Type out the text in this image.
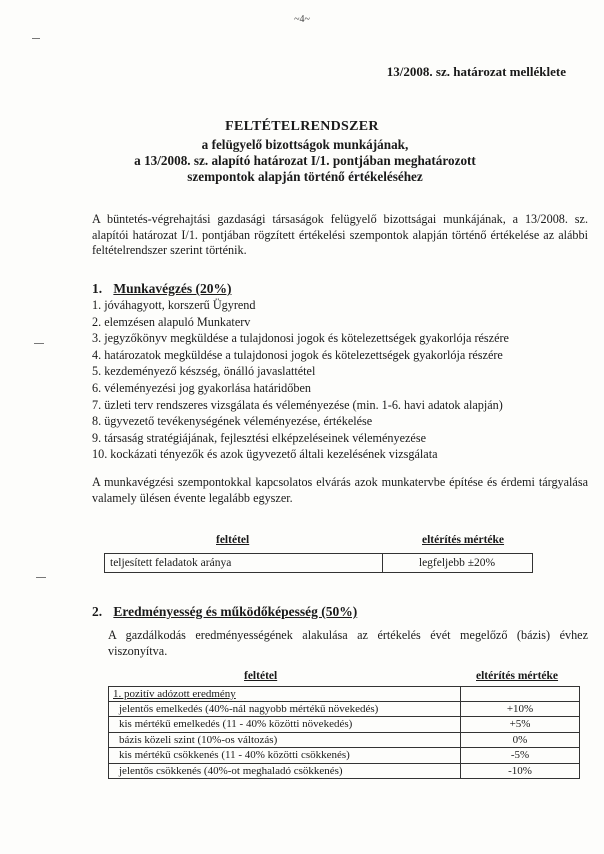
~4~
13/2008. sz. határozat melléklete
FELTÉTELRENDSZER
a felügyelő bizottságok munkájának,
a 13/2008. sz. alapító határozat I/1. pontjában meghatározott
szempontok alapján történő értékeléséhez
A büntetés-végrehajtási gazdasági társaságok felügyelő bizottságai munkájának, a 13/2008. sz. alapítói határozat I/1. pontjában rögzített értékelési szempontok alapján történő értékelése az alábbi feltételrendszer szerint történik.
1. Munkavégzés (20%)
1. jóváhagyott, korszerű Ügyrend
2. elemzésen alapuló Munkaterv
3. jegyzőkönyv megküldése a tulajdonosi jogok és kötelezettségek gyakorlója részére
4. határozatok megküldése a tulajdonosi jogok és kötelezettségek gyakorlója részére
5. kezdeményező készség, önálló javaslattétel
6. véleményezési jog gyakorlása határidőben
7. üzleti terv rendszeres vizsgálata és véleményezése (min. 1-6. havi adatok alapján)
8. ügyvezető tevékenységének véleményezése, értékelése
9. társaság stratégiájának, fejlesztési elképzeléseinek véleményezése
10. kockázati tényezők és azok ügyvezető általi kezelésének vizsgálata
A munkavégzési szempontokkal kapcsolatos elvárás azok munkatervbe építése és érdemi tárgyalása valamely ülésen évente legalább egyszer.
feltétel	eltérítés mértéke
teljesített feladatok aránya	legfeljebb ±20%
2. Eredményesség és működőképesség (50%)
A gazdálkodás eredményességének alakulása az értékelés évét megelőző (bázis) évhez viszonyítva.
feltétel	eltérítés mértéke
1. pozitív adózott eredmény
jelentős emelkedés (40%-nál nagyobb mértékű növekedés)	+10%
kis mértékű emelkedés (11 - 40% közötti növekedés)	+5%
bázis közeli szint (10%-os változás)	0%
kis mértékű csökkenés (11 - 40% közötti csökkenés)	-5%
jelentős csökkenés (40%-ot meghaladó csökkenés)	-10%
